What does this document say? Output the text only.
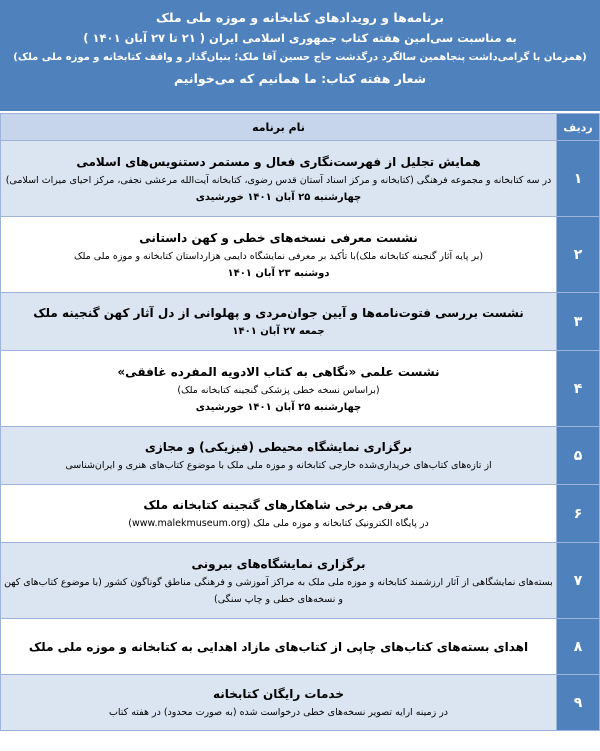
برنامه‌ها و رویدادهای کتابخانه و موزه ملی ملک
به مناسبت سی‌امین هفته کتاب جمهوری اسلامی ایران ( ۲۱ تا ۲۷ آبان ۱۴۰۱ )
(همزمان با گرامی‌داشت پنجاهمین سالگرد درگذشت حاج حسین آقا ملک؛ بنیان‌گذار و واقف کتابخانه و موزه ملی ملک)
شعار هفته کتاب: ما همانیم که می‌خوانیم
ردیف	نام برنامه
۱	همایش تجلیل از فهرست‌نگاری فعال و مستمر دستنویس‌های اسلامی
در سه کتابخانه و مجموعه فرهنگی (کتابخانه و مرکز اسناد آستان قدس رضوی، کتابخانه آیت‌الله مرعشی نجفی، مرکز احیای میراث اسلامی)
چهارشنبه ۲۵ آبان ۱۴۰۱ خورشیدی

۲	نشست معرفی نسخه‌های خطی و کهن داستانی
(بر پایه آثار گنجینه کتابخانه ملک)با تأکید بر معرفی نمایشگاه دایمی هزارداستان کتابخانه و موزه ملی ملک
دوشنبه ۲۳ آبان ۱۴۰۱

۳	نشست بررسی فتوت‌نامه‌ها و آیین جوان‌مردی و پهلوانی از دل آثار کهن گنجینه ملک
جمعه ۲۷ آبان ۱۴۰۱

۴	نشست علمی «نگاهی به کتاب الادویه المفرده غافقی»
(براساس نسخه خطی پزشکی گنجینه کتابخانه ملک)
چهارشنبه ۲۵ آبان ۱۴۰۱ خورشیدی

۵	برگزاری نمایشگاه محیطی (فیزیکی) و مجازی
از تازه‌های کتاب‌های خریداری‌شده خارجی کتابخانه و موزه ملی ملک با موضوع کتاب‌های هنری و ایران‌شناسی

۶	معرفی برخی شاهکارهای گنجینه کتابخانه ملک
در پایگاه الکترونیک کتابخانه و موزه ملی ملک (www.malekmuseum.org)

۷	برگزاری نمایشگاه‌های بیرونی
بسته‌های نمایشگاهی از آثار ارزشمند کتابخانه و موزه ملی ملک به مراکز آموزشی و فرهنگی مناطق گوناگون کشور (با موضوع کتاب‌های کهن و نسخه‌های خطی و چاپ سنگی)

۸	اهدای بسته‌های کتاب‌های چاپی از کتاب‌های مازاد اهدایی به کتابخانه و موزه ملی ملک

۹	خدمات رایگان کتابخانه
در زمینه ارایه تصویر نسخه‌های خطی درخواست شده (به صورت محدود) در هفته کتاب
